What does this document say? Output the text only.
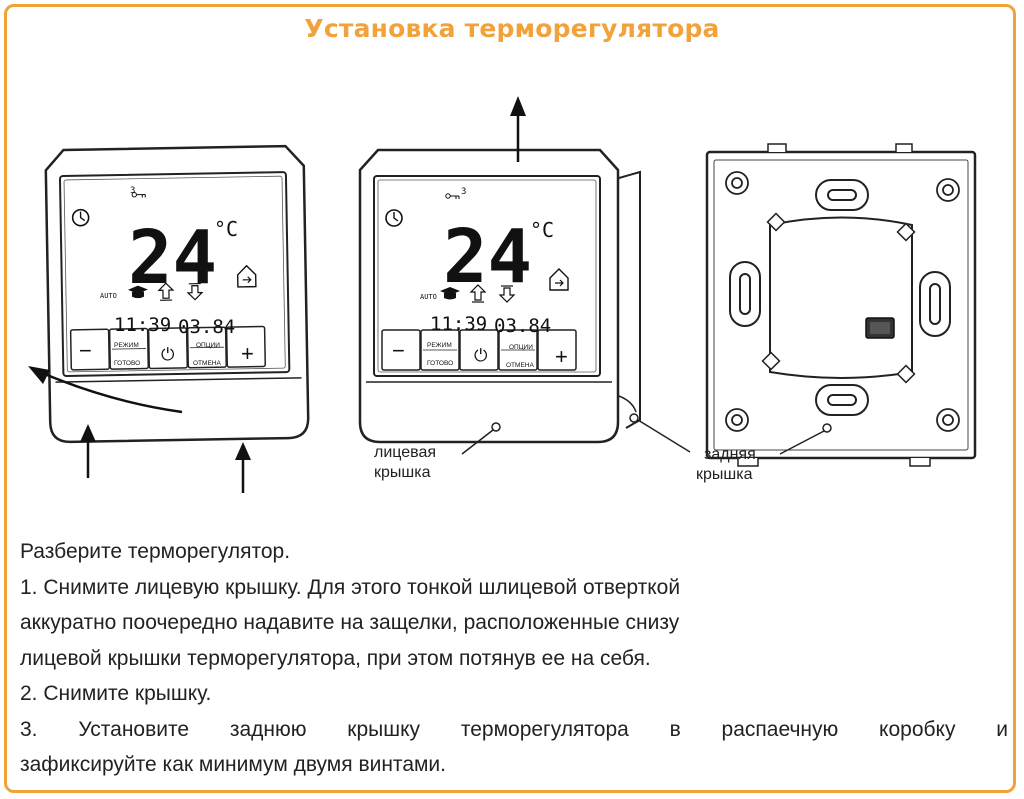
Установка терморегулятора
3
24
°C
AUTO
11:39 03.84
−	РЕЖИМ
ГОТОВО ⏻	ОПЦИИ
ОТМЕНА +
3
24
°C
AUTO
11:39 03.84
−	РЕЖИМ
ГОТОВО ⏻	ОПЦИИ
ОТМЕНА +
лицевая
крышка
задняя
крышка

Разберите терморегулятор.

1. Снимите лицевую крышку. Для этого тонкой шлицевой отверткой

аккуратно поочередно надавите на защелки, расположенные снизу

лицевой крышки терморегулятора, при этом потянув ее на себя.

2. Снимите крышку.

3. Установите заднюю крышку терморегулятора в распаечную коробку и

зафиксируйте как минимум двумя винтами.
